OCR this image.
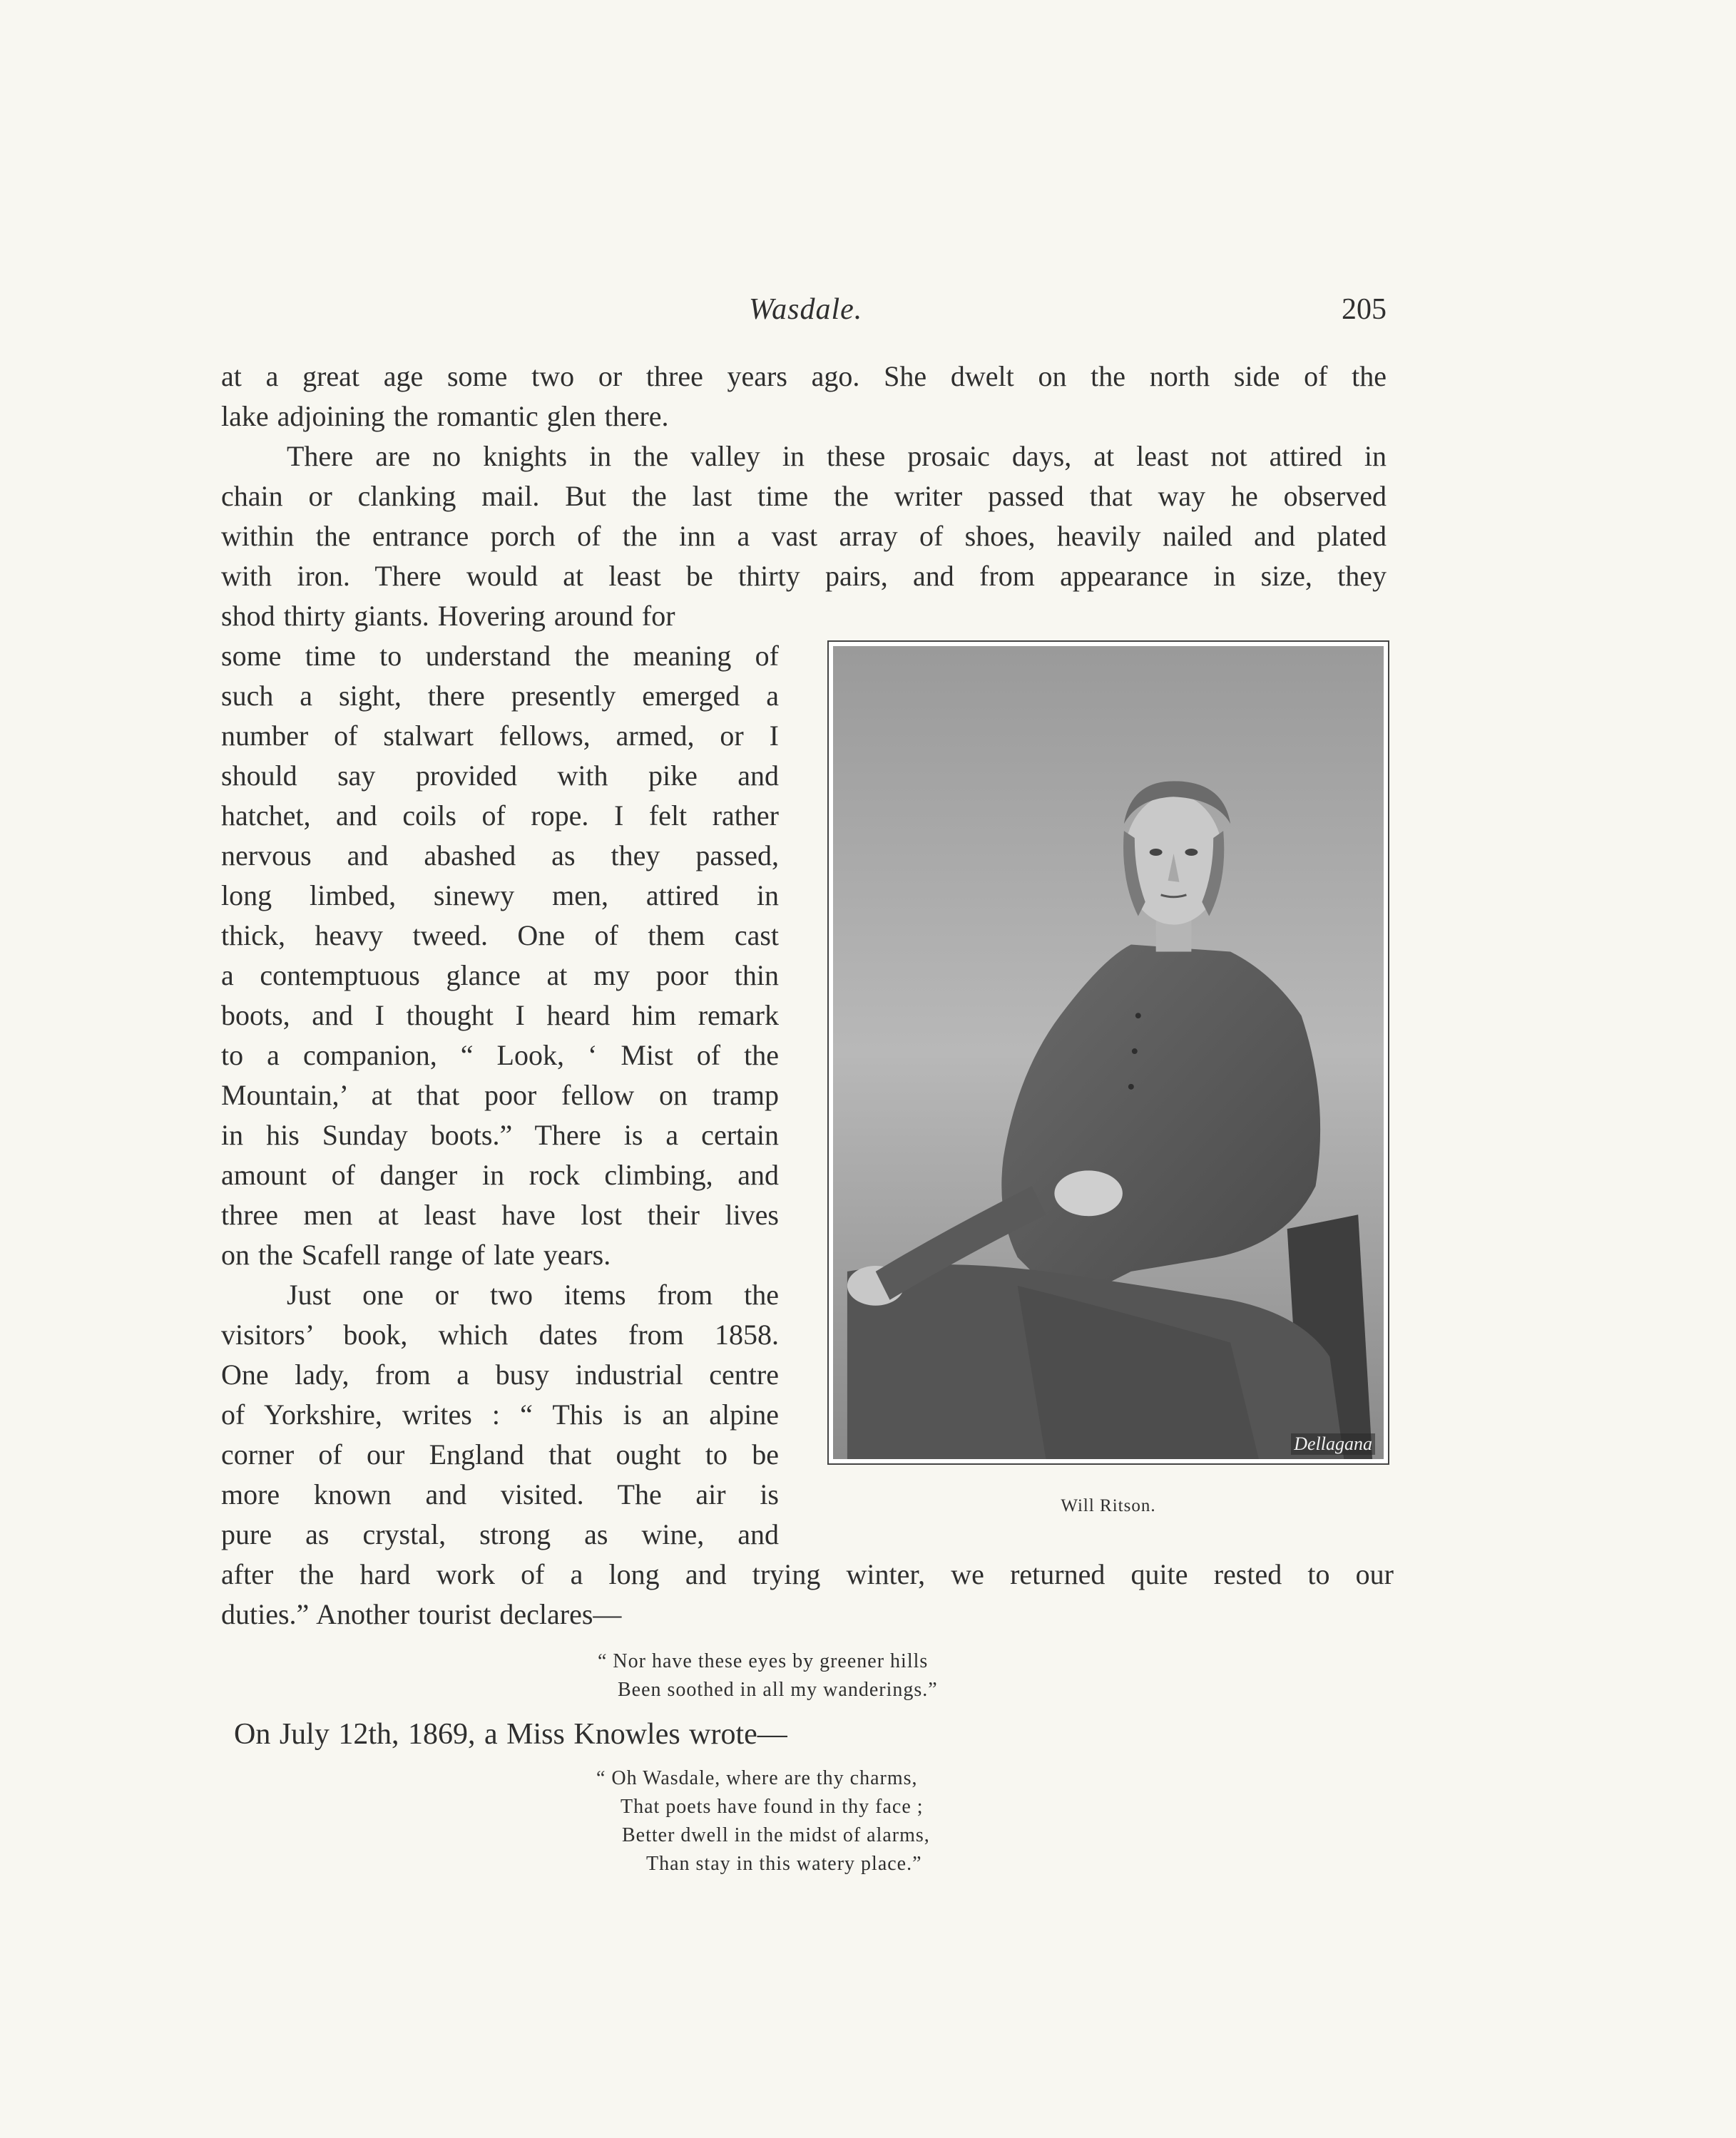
Wasdale.	205
at a great age some two or three years ago. She dwelt on the north side of the
lake adjoining the romantic glen there.
There are no knights in the valley in these prosaic days, at least not attired in
chain or clanking mail. But the last time the writer passed that way he observed
within the entrance porch of the inn a vast array of shoes, heavily nailed and plated
with iron. There would at least be thirty pairs, and from appearance in size, they
shod thirty giants. Hovering around for
some time to understand the meaning of
such a sight, there presently emerged a
number of stalwart fellows, armed, or I
should say provided with pike and
hatchet, and coils of rope. I felt rather
nervous and abashed as they passed,
long limbed, sinewy men, attired in
thick, heavy tweed. One of them cast
a contemptuous glance at my poor thin
boots, and I thought I heard him remark
to a companion, “ Look, ‘ Mist of the
Mountain,’ at that poor fellow on tramp
in his Sunday boots.” There is a certain
amount of danger in rock climbing, and
three men at least have lost their lives
on the Scafell range of late years.
Just one or two items from the
visitors’ book, which dates from 1858.
One lady, from a busy industrial centre
of Yorkshire, writes : “ This is an alpine
corner of our England that ought to be
more known and visited. The air is
pure as crystal, strong as wine, and
after the hard work of a long and trying winter, we returned quite rested to our
duties.” Another tourist declares—
“ Nor have these eyes by greener hills
Been soothed in all my wanderings.”
On July 12th, 1869, a Miss Knowles wrote—
“ Oh Wasdale, where are thy charms,
That poets have found in thy face ;
Better dwell in the midst of alarms,
Than stay in this watery place.”
Dellagana
Will Ritson.
